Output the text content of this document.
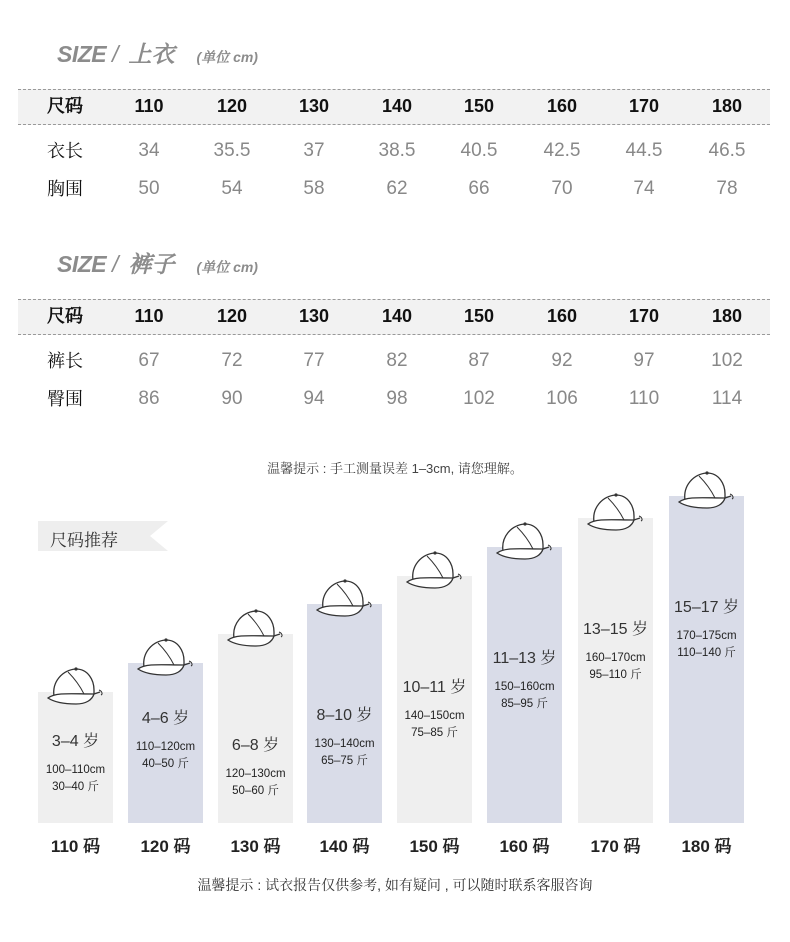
SIZE / 上衣 (单位 cm)
尺码	110	120	130	140	150	160	170	180
衣长	34	35.5	37	38.5	40.5	42.5	44.5	46.5
胸围	50	54	58	62	66	70	74	78
SIZE / 裤子 (单位 cm)
尺码	110	120	130	140	150	160	170	180
裤长	67	72	77	82	87	92	97	102
臀围	86	90	94	98	102	106	110	114
温馨提示 : 手工测量误差 1–3cm, 请您理解。
尺码推荐
3–4 岁
100–110cm
30–40 斤
110 码
4–6 岁
110–120cm
40–50 斤
120 码
6–8 岁
120–130cm
50–60 斤
130 码
8–10 岁
130–140cm
65–75 斤
140 码
10–11 岁
140–150cm
75–85 斤
150 码
11–13 岁
150–160cm
85–95 斤
160 码
13–15 岁
160–170cm
95–110 斤
170 码
15–17 岁
170–175cm
110–140 斤
180 码
温馨提示 : 试衣报告仅供参考, 如有疑问 , 可以随时联系客服咨询
